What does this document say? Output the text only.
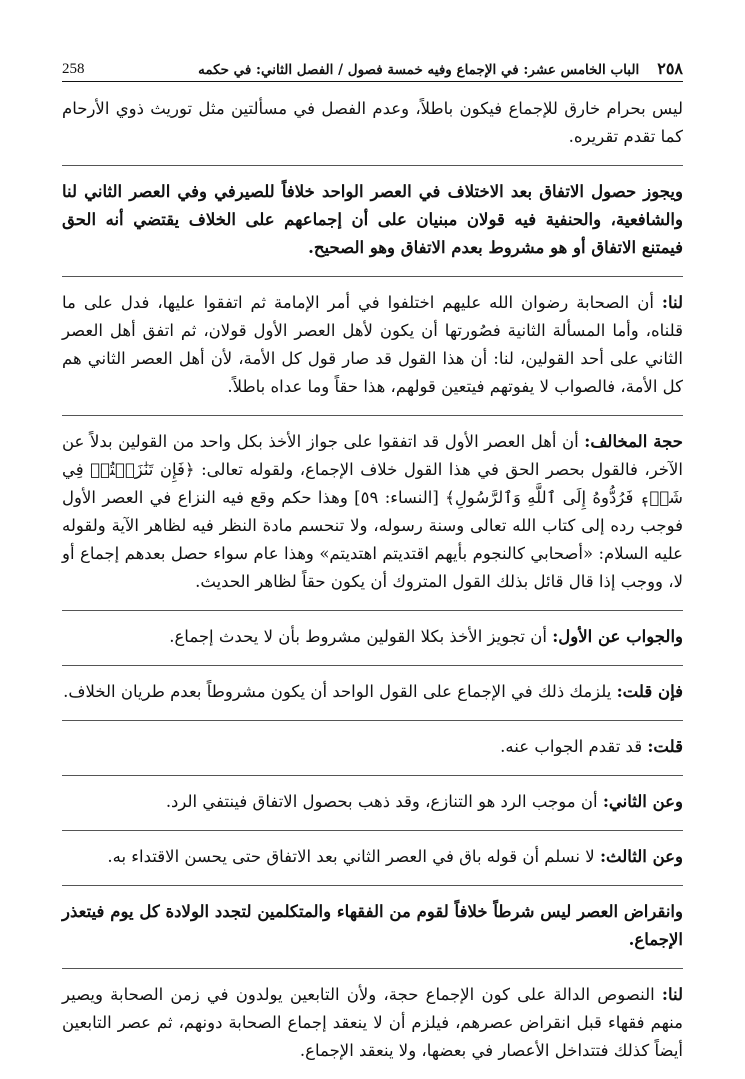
258	٢٥٨
الباب الخامس عشر: في الإجماع وفيه خمسة فصول / الفصل الثاني: في حكمه

ليس بحرام خارق للإجماع فيكون باطلاً، وعدم الفصل في مسألتين مثل توريث ذوي الأرحام كما تقدم تقريره.

ويجوز حصول الاتفاق بعد الاختلاف في العصر الواحد خلافاً للصيرفي وفي العصر الثاني لنا والشافعية، والحنفية فيه قولان مبنيان على أن إجماعهم على الخلاف يقتضي أنه الحق فيمتنع الاتفاق أو هو مشروط بعدم الاتفاق وهو الصحيح.

لنا: أن الصحابة رضوان الله عليهم اختلفوا في أمر الإمامة ثم اتفقوا عليها، فدل على ما قلناه، وأما المسألة الثانية فصُورتها أن يكون لأهل العصر الأول قولان، ثم اتفق أهل العصر الثاني على أحد القولين، لنا: أن هذا القول قد صار قول كل الأمة، لأن أهل العصر الثاني هم كل الأمة، فالصواب لا يفوتهم فيتعين قولهم، هذا حقاً وما عداه باطلاً.

حجة المخالف: أن أهل العصر الأول قد اتفقوا على جواز الأخذ بكل واحد من القولين بدلاً عن الآخر، فالقول بحصر الحق في هذا القول خلاف الإجماع، ولقوله تعالى: ﴿فَإِن تَنَٰزَعۡتُمۡ فِي شَيۡءٖ فَرُدُّوهُ إِلَى ٱللَّهِ وَٱلرَّسُولِ﴾ [النساء: ٥٩] وهذا حكم وقع فيه النزاع في العصر الأول فوجب رده إلى كتاب الله تعالى وسنة رسوله، ولا تنحسم مادة النظر فيه لظاهر الآية ولقوله عليه السلام: «أصحابي كالنجوم بأيهم اقتديتم اهتديتم» وهذا عام سواء حصل بعدهم إجماع أو لا، ووجب إذا قال قائل بذلك القول المتروك أن يكون حقاً لظاهر الحديث.

والجواب عن الأول: أن تجويز الأخذ بكلا القولين مشروط بأن لا يحدث إجماع.

فإن قلت: يلزمك ذلك في الإجماع على القول الواحد أن يكون مشروطاً بعدم طريان الخلاف.

قلت: قد تقدم الجواب عنه.

وعن الثاني: أن موجب الرد هو التنازع، وقد ذهب بحصول الاتفاق فينتفي الرد.

وعن الثالث: لا نسلم أن قوله باق في العصر الثاني بعد الاتفاق حتى يحسن الاقتداء به.

وانقراض العصر ليس شرطاً خلافاً لقوم من الفقهاء والمتكلمين لتجدد الولادة كل يوم فيتعذر الإجماع.

لنا: النصوص الدالة على كون الإجماع حجة، ولأن التابعين يولدون في زمن الصحابة ويصير منهم فقهاء قبل انقراض عصرهم، فيلزم أن لا ينعقد إجماع الصحابة دونهم، ثم عصر التابعين أيضاً كذلك فتتداخل الأعصار في بعضها، ولا ينعقد الإجماع.
